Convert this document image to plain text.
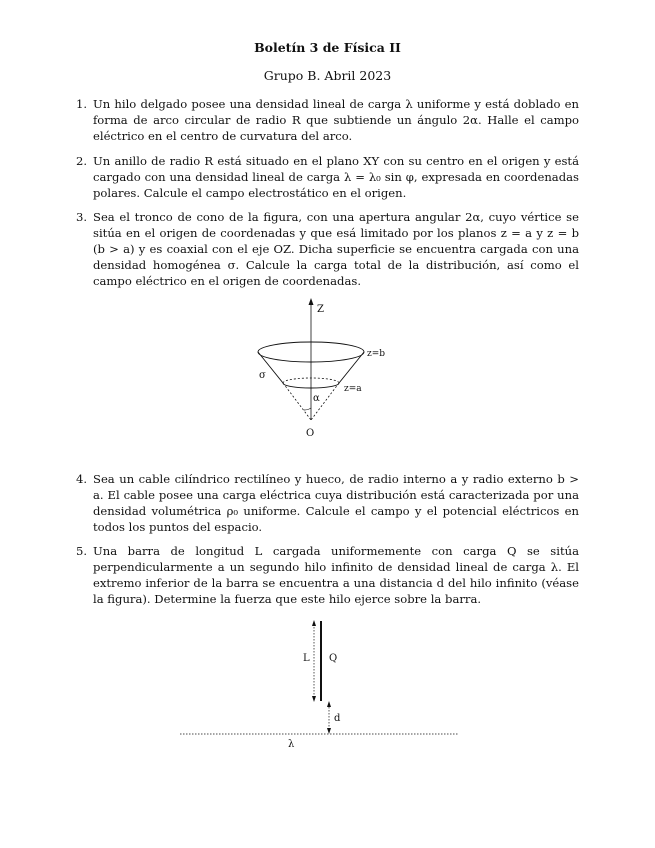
Boletín 3 de Física II
Grupo B. Abril 2023
1. Un hilo delgado posee una densidad lineal de carga λ uniforme y está doblado en forma de arco circular de radio R que subtiende un ángulo 2α. Halle el campo eléctrico en el centro de curvatura del arco.
2. Un anillo de radio R está situado en el plano XY con su centro en el origen y está cargado con una densidad lineal de carga λ = λ₀ sin φ, expresada en coordenadas polares. Calcule el campo electrostático en el origen.
3. Sea el tronco de cono de la figura, con una apertura angular 2α, cuyo vértice se sitúa en el origen de coordenadas y que esá limitado por los planos z = a y z = b (b > a) y es coaxial con el eje OZ. Dicha superficie se encuentra cargada con una densidad homogénea σ. Calcule la carga total de la distribución, así como el campo eléctrico en el origen de coordenadas.
Z
α
z=b
z=a
σ
O
4. Sea un cable cilíndrico rectilíneo y hueco, de radio interno a y radio externo b > a. El cable posee una carga eléctrica cuya distribución está caracterizada por una densidad volumétrica ρ₀ uniforme. Calcule el campo y el potencial eléctricos en todos los puntos del espacio.
5. Una barra de longitud L cargada uniformemente con carga Q se sitúa perpendicularmente a un segundo hilo infinito de densidad lineal de carga λ. El extremo inferior de la barra se encuentra a una distancia d del hilo infinito (véase la figura). Determine la fuerza que este hilo ejerce sobre la barra.
L Q
d
λ
